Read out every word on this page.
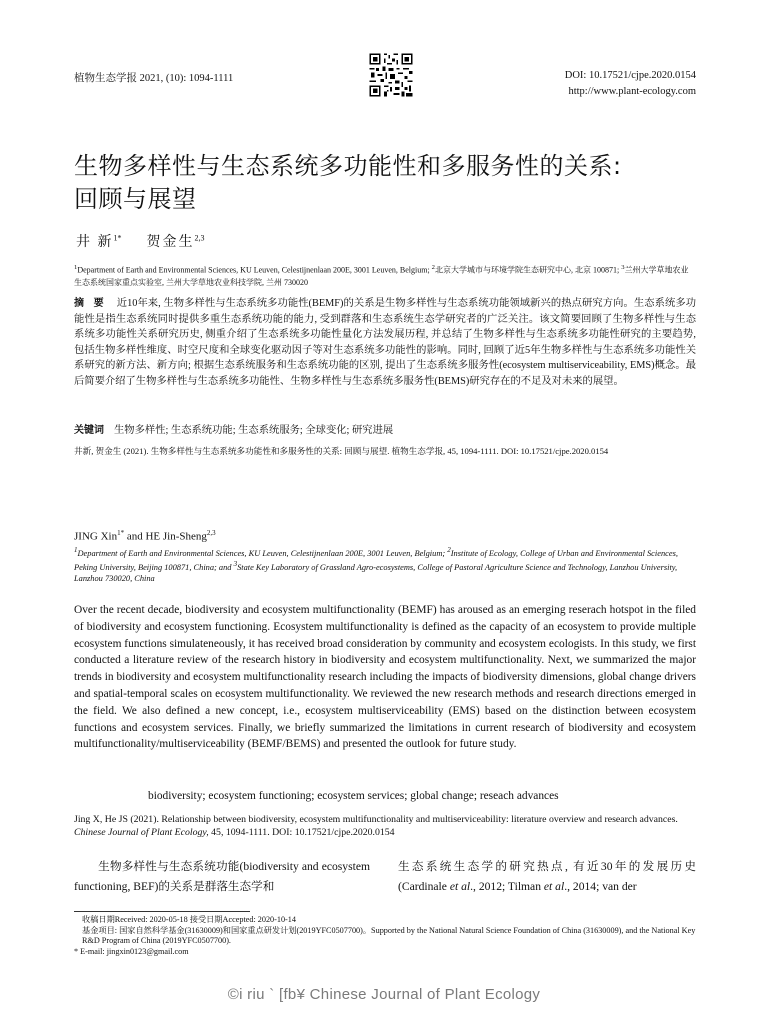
植物生态学报 2021, (10): 1094-1111	DOI: 10.17521/cjpe.2020.0154
http://www.plant-ecology.com
生物多样性与生态系统多功能性和多服务性的关系:
回顾与展望
井 新$^{1*}$ 贺金生$^{2,3}$
$^1$Department of Earth and Environmental Sciences, KU Leuven, Celestijnenlaan 200E, 3001 Leuven, Belgium; $^2$北京大学城市与环境学院生态研究中心, 北京 100871; $^3$兰州大学草地农业生态系统国家重点实验室, 兰州大学草地农业科技学院, 兰州 730020
摘 要 近10年来, 生物多样性与生态系统多功能性(BEMF)的关系是生物多样性与生态系统功能领域新兴的热点研究方向。生态系统多功能性是指生态系统同时提供多重生态系统功能的能力, 受到群落和生态系统生态学研究者的广泛关注。该文简要回顾了生物多样性与生态系统多功能性关系研究历史, 侧重介绍了生态系统多功能性量化方法发展历程, 并总结了生物多样性与生态系统多功能性研究的主要趋势, 包括生物多样性维度、时空尺度和全球变化驱动因子等对生态系统多功能性的影响。同时, 回顾了近5年生物多样性与生态系统多功能性关系研究的新方法、新方向; 根据生态系统服务和生态系统功能的区别, 提出了生态系统多服务性(ecosystem multiserviceability, EMS)概念。最后简要介绍了生物多样性与生态系统多功能性、生物多样性与生态系统多服务性(BEMS)研究存在的不足及对未来的展望。
关键词 生物多样性; 生态系统功能; 生态系统服务; 全球变化; 研究进展
井新, 贺金生 (2021). 生物多样性与生态系统多功能性和多服务性的关系: 回顾与展望. 植物生态学报, 45, 1094-1111. DOI: 10.17521/cjpe.2020.0154
JING Xin$^{1*}$ and HE Jin-Sheng$^{2,3}$
$^1$Department of Earth and Environmental Sciences, KU Leuven, Celestijnenlaan 200E, 3001 Leuven, Belgium; $^2$Institute of Ecology, College of Urban and Environmental Sciences, Peking University, Beijing 100871, China; and $^3$State Key Laboratory of Grassland Agro-ecosystems, College of Pastoral Agriculture Science and Technology, Lanzhou University, Lanzhou 730020, China
Over the recent decade, biodiversity and ecosystem multifunctionality (BEMF) has aroused as an emerging reserach hotspot in the filed of biodiversity and ecosystem functioning. Ecosystem multifunctionality is defined as the capacity of an ecosystem to provide multiple ecosystem functions simulateneously, it has received broad consideration by community and ecosystem ecologists. In this study, we first conducted a literature review of the research history in biodiversity and ecosystem multifunctionality. Next, we summarized the major trends in biodiversity and ecosystem multifunctionality research including the impacts of biodiversity dimensions, global change drivers and spatial-temporal scales on ecosystem multifunctionality. We reviewed the new research methods and research directions emerged in the field. We also defined a new concept, i.e., ecosystem multiserviceability (EMS) based on the distinction between ecosystem functions and ecosystem services. Finally, we briefly summarized the limitations in current research of biodiversity and ecosystem multifunctionality/multiserviceability (BEMF/BEMS) and presented the outlook for future study.
biodiversity; ecosystem functioning; ecosystem services; global change; reseach advances
Jing X, He JS (2021). Relationship between biodiversity, ecosystem multifunctionality and multiserviceability: literature overview and research advances. Chinese Journal of Plant Ecology, 45, 1094-1111. DOI: 10.17521/cjpe.2020.0154
生物多样性与生态系统功能(biodiversity and ecosystem functioning, BEF)的关系是群落生态学和
生态系统生态学的研究热点, 有近30年的发展历史(Cardinale et al., 2012; Tilman et al., 2014; van der
收稿日期Received: 2020-05-18 接受日期Accepted: 2020-10-14
基金项目: 国家自然科学基金(31630009)和国家重点研发计划(2019YFC0507700)。Supported by the National Natural Science Foundation of China (31630009), and the National Key R&D Program of China (2019YFC0507700).
* E-mail: jingxin0123@gmail.com
©i riu ` [fb¥ Chinese Journal of Plant Ecology
